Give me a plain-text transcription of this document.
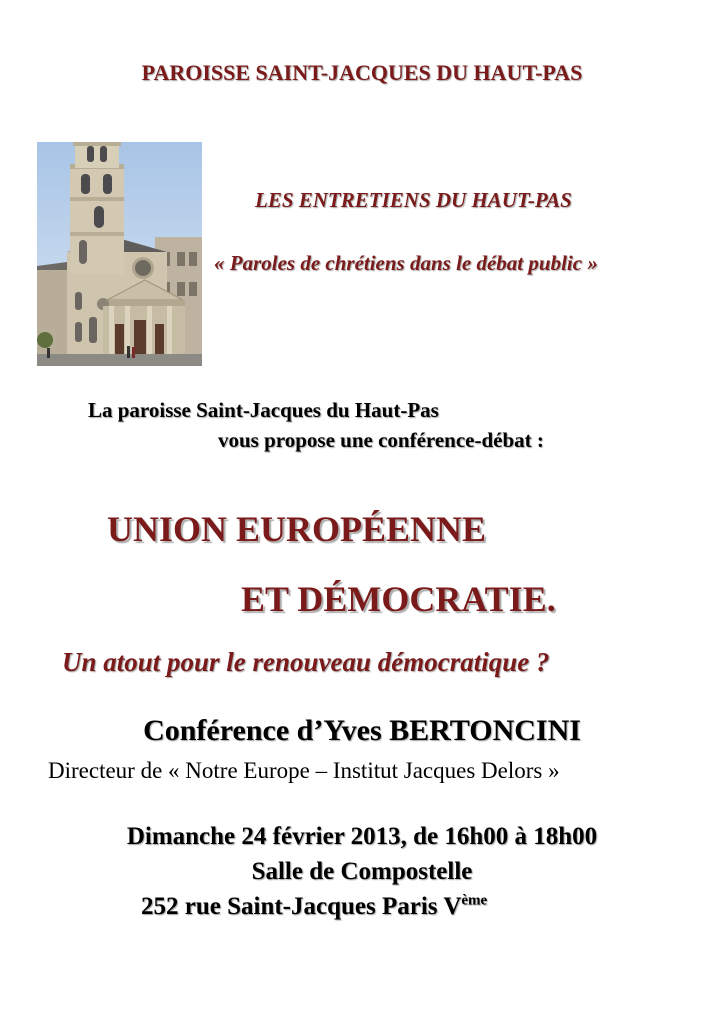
PAROISSE SAINT-JACQUES DU HAUT-PAS
LES ENTRETIENS DU HAUT-PAS
« Paroles de chrétiens dans le débat public »
La paroisse Saint-Jacques du Haut-Pas
vous propose une conférence-débat :
UNION EUROPÉENNE
ET DÉMOCRATIE.
Un atout pour le renouveau démocratique ?
Conférence d’Yves BERTONCINI
Directeur de « Notre Europe – Institut Jacques Delors »
Dimanche 24 février 2013, de 16h00 à 18h00
Salle de Compostelle
252 rue Saint-Jacques Paris Vème
